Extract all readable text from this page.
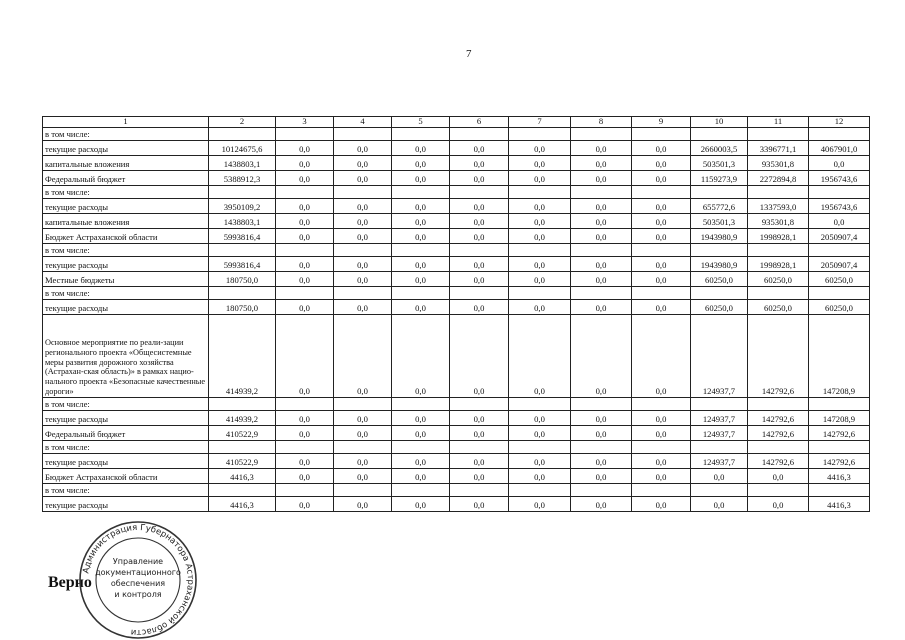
7
1	2	3	4	5	6	7	8	9	10	11	12
в том числе:											
текущие расходы	10124675,6	0,0	0,0	0,0	0,0	0,0	0,0	0,0	2660003,5	3396771,1	4067901,0
капитальные вложения	1438803,1	0,0	0,0	0,0	0,0	0,0	0,0	0,0	503501,3	935301,8	0,0
Федеральный бюджет	5388912,3	0,0	0,0	0,0	0,0	0,0	0,0	0,0	1159273,9	2272894,8	1956743,6
в том числе:											
текущие расходы	3950109,2	0,0	0,0	0,0	0,0	0,0	0,0	0,0	655772,6	1337593,0	1956743,6
капитальные вложения	1438803,1	0,0	0,0	0,0	0,0	0,0	0,0	0,0	503501,3	935301,8	0,0
Бюджет Астраханской области	5993816,4	0,0	0,0	0,0	0,0	0,0	0,0	0,0	1943980,9	1998928,1	2050907,4
в том числе:											
текущие расходы	5993816,4	0,0	0,0	0,0	0,0	0,0	0,0	0,0	1943980,9	1998928,1	2050907,4
Местные бюджеты	180750,0	0,0	0,0	0,0	0,0	0,0	0,0	0,0	60250,0	60250,0	60250,0
в том числе:											
текущие расходы	180750,0	0,0	0,0	0,0	0,0	0,0	0,0	0,0	60250,0	60250,0	60250,0
Основное мероприятие по реали-зации регионального проекта «Общесистемные меры развития дорожного хозяйства (Астрахан-ская область)» в рамках нацио-нального проекта «Безопасные качественные дороги»	414939,2	0,0	0,0	0,0	0,0	0,0	0,0	0,0	124937,7	142792,6	147208,9
в том числе:											
текущие расходы	414939,2	0,0	0,0	0,0	0,0	0,0	0,0	0,0	124937,7	142792,6	147208,9
Федеральный бюджет	410522,9	0,0	0,0	0,0	0,0	0,0	0,0	0,0	124937,7	142792,6	142792,6
в том числе:											
текущие расходы	410522,9	0,0	0,0	0,0	0,0	0,0	0,0	0,0	124937,7	142792,6	142792,6
Бюджет Астраханской области	4416,3	0,0	0,0	0,0	0,0	0,0	0,0	0,0	0,0	0,0	4416,3
в том числе:											
текущие расходы	4416,3	0,0	0,0	0,0	0,0	0,0	0,0	0,0	0,0	0,0	4416,3
Верно
Администрация Губернатора Астраханской области
Управление
документационного
обеспечения
и контроля
